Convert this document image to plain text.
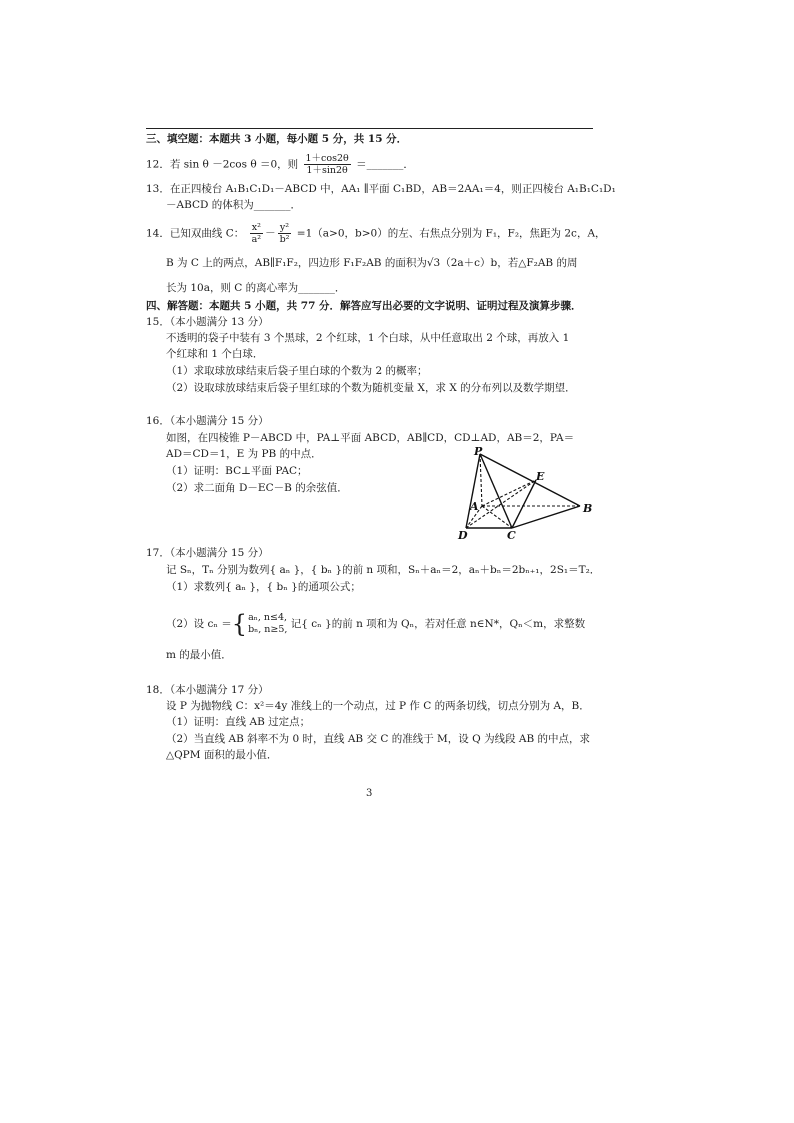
三、填空题：本题共 3 小题，每小题 5 分，共 15 分．
12．若 sin θ －2cos θ ＝0，则 $\frac{1+\cos 2\theta}{1+\sin 2\theta}$ ＝_______．
13．在正四棱台 A₁B₁C₁D₁－ABCD 中，AA₁ ∥平面 C₁BD，AB＝2AA₁＝4，则正四棱台 A₁B₁C₁D₁
－ABCD 的体积为_______．
14．已知双曲线 C： $\frac{\text{x²}}{\text{a²}} - \frac{\text{y²}}{\text{b²}} =1(a>0$，b>0）的左、右焦点分别为 F₁，F₂，焦距为 2c，A，
B 为 C 上的两点，AB∥F₁F₂，四边形 F₁F₂AB 的面积为√3（2a＋c）b，若△F₂AB 的周
长为 10a，则 C 的离心率为_______．
四、解答题：本题共 5 小题，共 77 分．解答应写出必要的文字说明、证明过程及演算步骤．
15．（本小题满分 13 分）
不透明的袋子中装有 3 个黑球，2 个红球，1 个白球，从中任意取出 2 个球，再放入 1
个红球和 1 个白球．
（1）求取球放球结束后袋子里白球的个数为 2 的概率；
（2）设取球放球结束后袋子里红球的个数为随机变量 X，求 X 的分布列以及数学期望．
16．（本小题满分 15 分）
如图，在四棱锥 P－ABCD 中，PA⊥平面 ABCD，AB∥CD，CD⊥AD，AB＝2，PA＝
AD＝CD＝1，E 为 PB 的中点．
（1）证明：BC⊥平面 PAC；
（2）求二面角 D－EC－B 的余弦值．
P
E
A	B
C
D
17．（本小题满分 15 分）
记 Sₙ，Tₙ 分别为数列{ aₙ }，{ bₙ }的前 n 项和，Sₙ＋aₙ＝2，aₙ＋bₙ＝2bₙ₊₁，2S₁＝T₂．
（1）求数列{ aₙ }，{ bₙ }的通项公式；
（2）设 cₙ ＝{ aₙ, n≤4,
bₙ, n≥5, 记{ cₙ }的前 n 项和为 Qₙ，若对任意 n∈N*，Qₙ＜m，求整数
m 的最小值．
18．（本小题满分 17 分）
设 P 为抛物线 C：x²＝4y 准线上的一个动点，过 P 作 C 的两条切线，切点分别为 A，B．
（1）证明：直线 AB 过定点；
（2）当直线 AB 斜率不为 0 时，直线 AB 交 C 的准线于 M，设 Q 为线段 AB 的中点，求
△QPM 面积的最小值．
3
